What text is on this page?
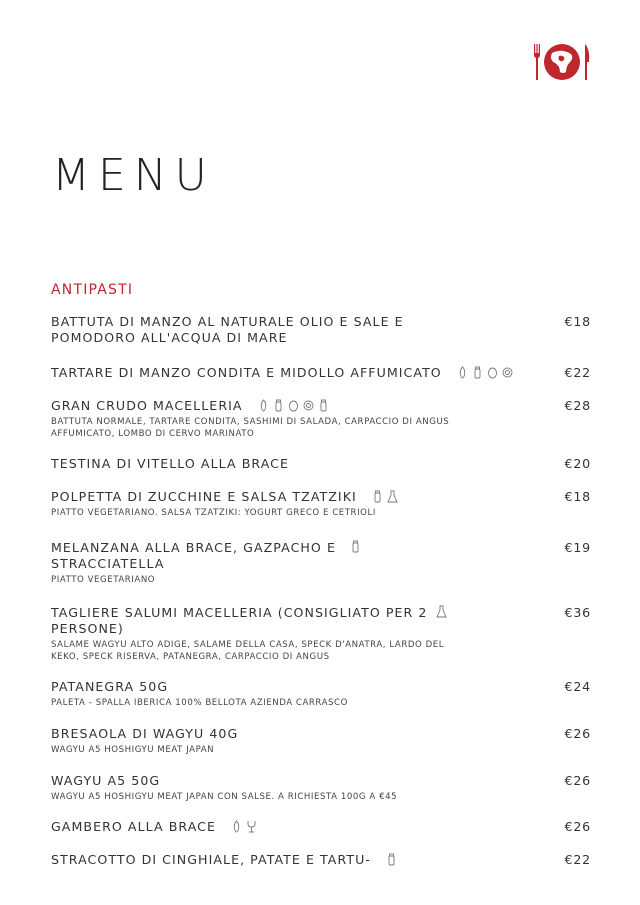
MENU
ANTIPASTI
BATTUTA DI MANZO AL NATURALE OLIO E SALE E POMODORO ALL'ACQUA DI MARE
€18
TARTARE DI MANZO CONDITA E MIDOLLO AFFUMICATO	€22
GRAN CRUDO MACELLERIA	€28
BATTUTA NORMALE, TARTARE CONDITA, SASHIMI DI SALADA, CARPACCIO DI ANGUS AFFUMICATO, LOMBO DI CERVO MARINATO
TESTINA DI VITELLO ALLA BRACE	€20
POLPETTA DI ZUCCHINE E SALSA TZATZIKI	€18
PIATTO VEGETARIANO. SALSA TZATZIKI: YOGURT GRECO E CETRIOLI
MELANZANA ALLA BRACE, GAZPACHO E STRACCIATELLA
€19
PIATTO VEGETARIANO
TAGLIERE SALUMI MACELLERIA (CONSIGLIATO PER 2 PERSONE)
€36
SALAME WAGYU ALTO ADIGE, SALAME DELLA CASA, SPECK D'ANATRA, LARDO DEL KEKO, SPECK RISERVA, PATANEGRA, CARPACCIO DI ANGUS
PATANEGRA 50G	€24
PALETA - SPALLA IBERICA 100% BELLOTA AZIENDA CARRASCO
BRESAOLA DI WAGYU 40G	€26
WAGYU A5 HOSHIGYU MEAT JAPAN
WAGYU A5 50G	€26
WAGYU A5 HOSHIGYU MEAT JAPAN CON SALSE. A RICHIESTA 100G A €45
GAMBERO ALLA BRACE	€26
STRACOTTO DI CINGHIALE, PATATE E TARTU-	€22
